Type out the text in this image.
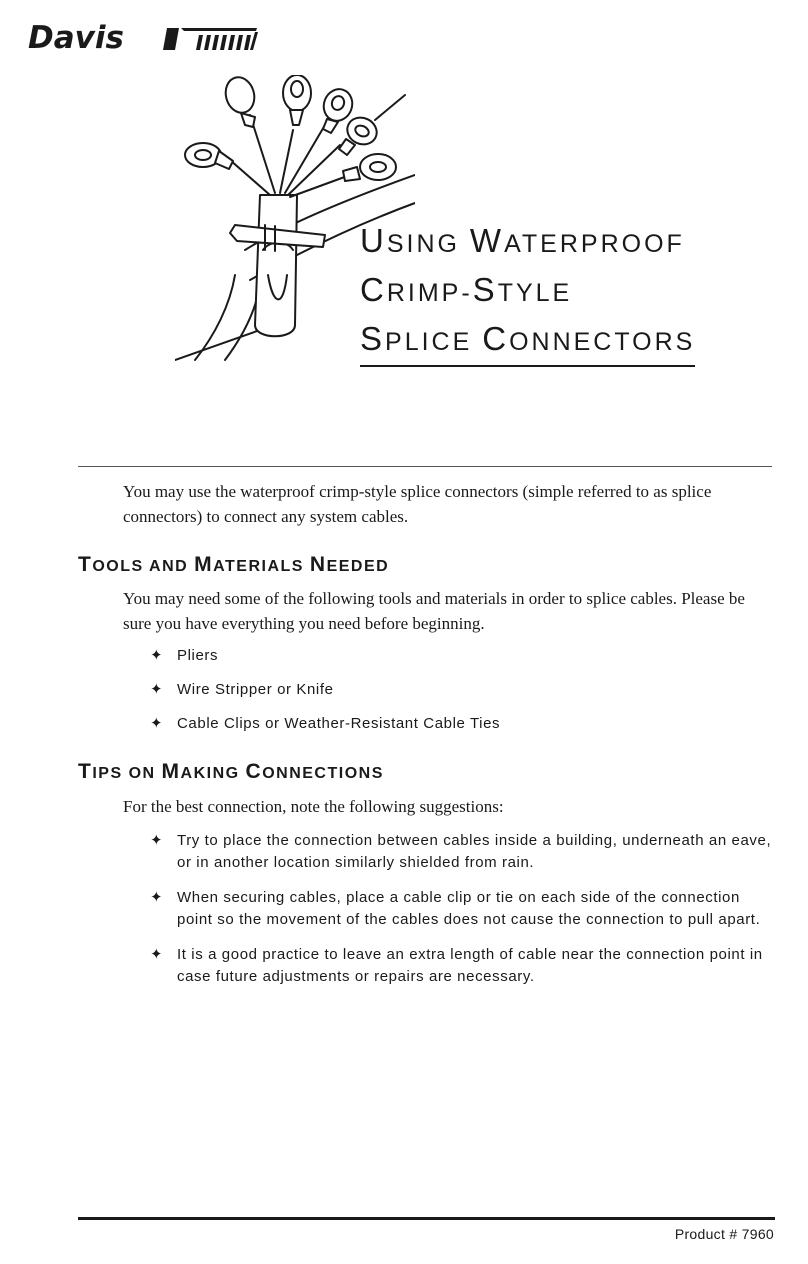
Davis
USING WATERPROOF
CRIMP-STYLE
SPLICE CONNECTORS

You may use the waterproof crimp-style splice connectors (simple referred to as splice connectors) to connect any system cables.

TOOLS AND MATERIALS NEEDED

You may need some of the following tools and materials in order to splice cables. Please be sure you have everything you need before beginning.

✦ Pliers
✦ Wire Stripper or Knife
✦ Cable Clips or Weather-Resistant Cable Ties
TIPS ON MAKING CONNECTIONS

For the best connection, note the following suggestions:

✦ Try to place the connection between cables inside a building, underneath an eave, or in another location similarly shielded from rain.
✦ When securing cables, place a cable clip or tie on each side of the connection point so the movement of the cables does not cause the connection to pull apart.
✦ It is a good practice to leave an extra length of cable near the connection point in case future adjustments or repairs are necessary.
Product # 7960
